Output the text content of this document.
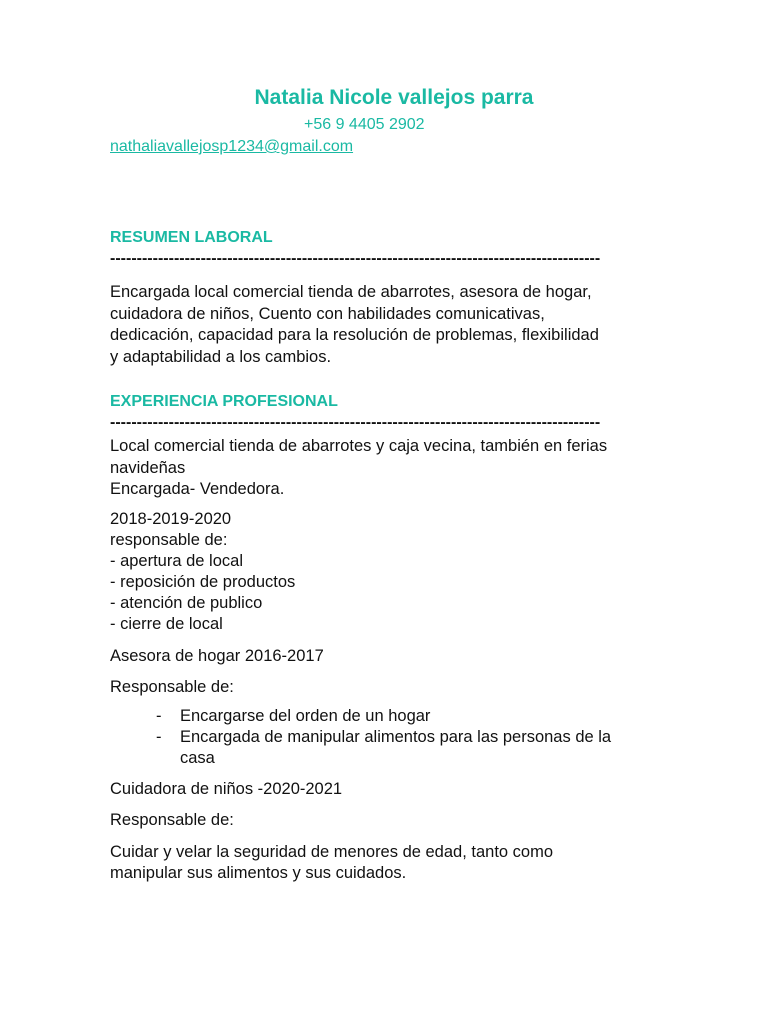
Natalia Nicole vallejos parra
+56 9 4405 2902
nathaliavallejosp1234@gmail.com
RESUMEN LABORAL
--------------------------------------------------------------------------------------------
Encargada local comercial tienda de abarrotes, asesora de hogar,
cuidadora de niños, Cuento con habilidades comunicativas,
dedicación, capacidad para la resolución de problemas, flexibilidad
y adaptabilidad a los cambios.
EXPERIENCIA PROFESIONAL
--------------------------------------------------------------------------------------------
Local comercial tienda de abarrotes y caja vecina, también en ferias
navideñas
Encargada- Vendedora.
2018-2019-2020
responsable de:
- apertura de local
- reposición de productos
- atención de publico
- cierre de local
Asesora de hogar 2016-2017
Responsable de:
- Encargarse del orden de un hogar
- Encargada de manipular alimentos para las personas de la
casa
Cuidadora de niños -2020-2021
Responsable de:
Cuidar y velar la seguridad de menores de edad, tanto como
manipular sus alimentos y sus cuidados.
